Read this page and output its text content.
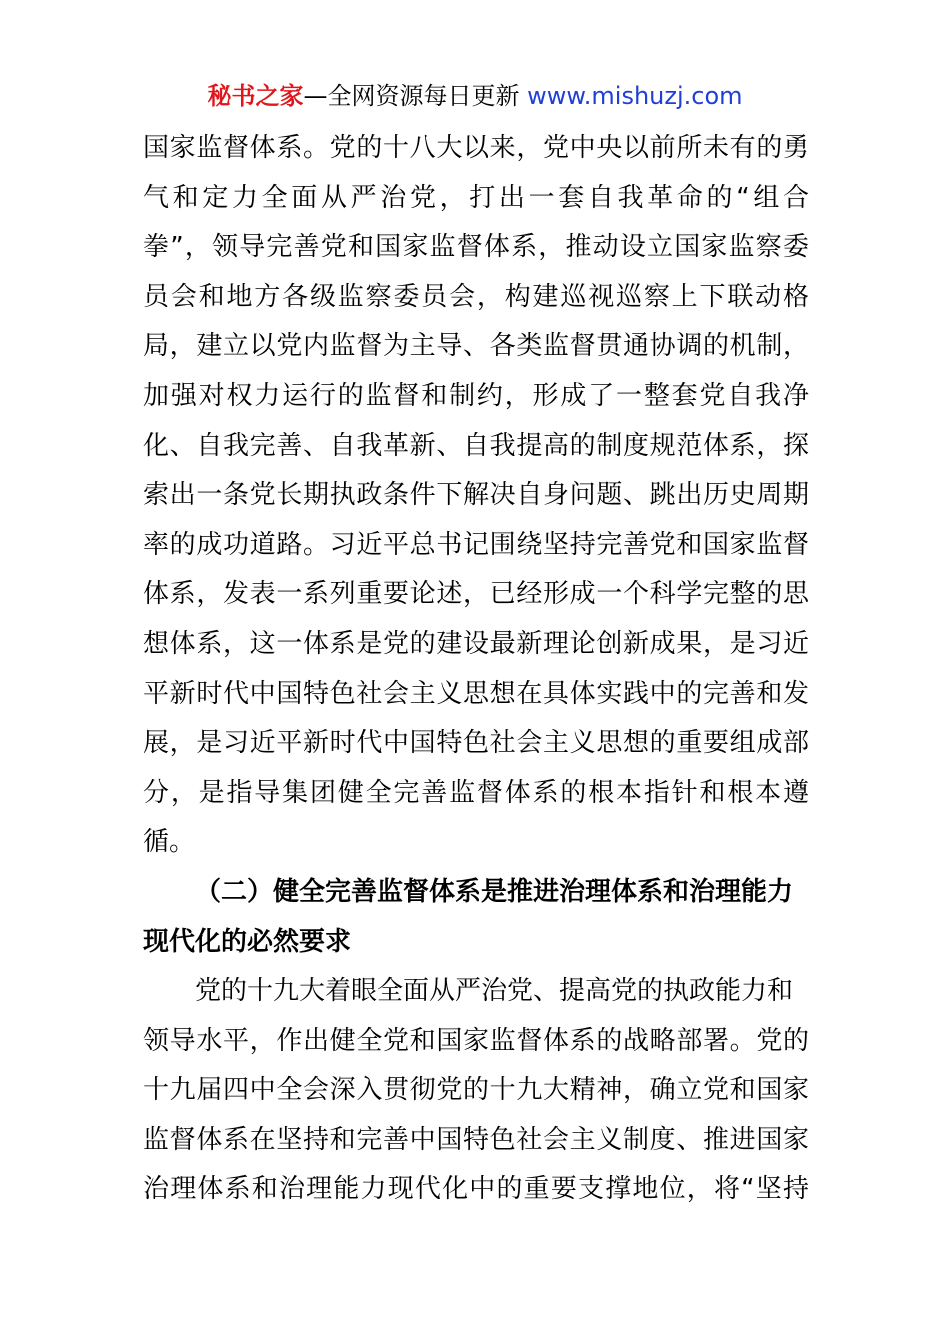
秘书之家—全网资源每日更新 www.mishuzj.com
国家监督体系。党的十八大以来，党中央以前所未有的勇
气和定力全面从严治党，打出一套自我革命的“组合
拳”，领导完善党和国家监督体系，推动设立国家监察委
员会和地方各级监察委员会，构建巡视巡察上下联动格
局，建立以党内监督为主导、各类监督贯通协调的机制，
加强对权力运行的监督和制约，形成了一整套党自我净
化、自我完善、自我革新、自我提高的制度规范体系，探
索出一条党长期执政条件下解决自身问题、跳出历史周期
率的成功道路。习近平总书记围绕坚持完善党和国家监督
体系，发表一系列重要论述，已经形成一个科学完整的思
想体系，这一体系是党的建设最新理论创新成果，是习近
平新时代中国特色社会主义思想在具体实践中的完善和发
展，是习近平新时代中国特色社会主义思想的重要组成部
分，是指导集团健全完善监督体系的根本指针和根本遵
循。
（二）健全完善监督体系是推进治理体系和治理能力
现代化的必然要求
党的十九大着眼全面从严治党、提高党的执政能力和
领导水平，作出健全党和国家监督体系的战略部署。党的
十九届四中全会深入贯彻党的十九大精神，确立党和国家
监督体系在坚持和完善中国特色社会主义制度、推进国家
治理体系和治理能力现代化中的重要支撑地位，将“坚持
